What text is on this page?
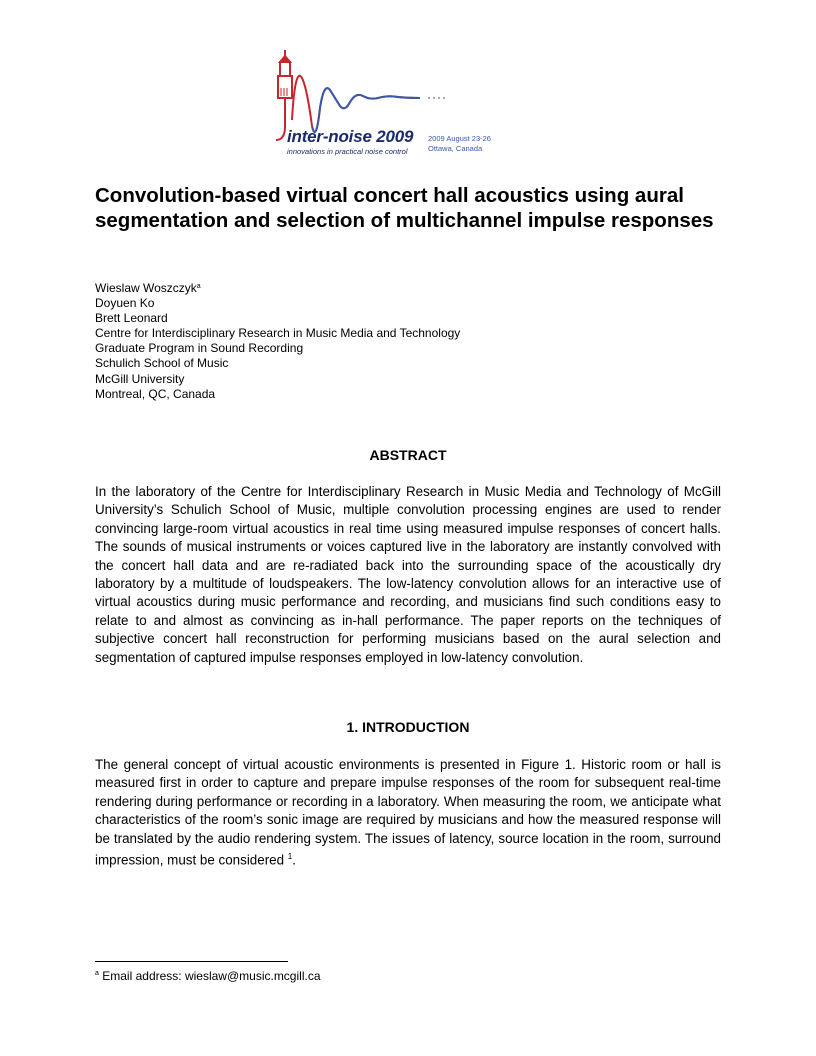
inter-noise 2009
innovations in practical noise control
2009 August 23-26
Ottawa, Canada
Convolution-based virtual concert hall acoustics using aural segmentation and selection of multichannel impulse responses
Wieslaw Woszczyk$^a$
Doyuen Ko
Brett Leonard
Centre for Interdisciplinary Research in Music Media and Technology
Graduate Program in Sound Recording
Schulich School of Music
McGill University
Montreal, QC, Canada
ABSTRACT

In the laboratory of the Centre for Interdisciplinary Research in Music Media and Technology of McGill University’s Schulich School of Music, multiple convolution processing engines are used to render convincing large-room virtual acoustics in real time using measured impulse responses of concert halls. The sounds of musical instruments or voices captured live in the laboratory are instantly convolved with the concert hall data and are re-radiated back into the surrounding space of the acoustically dry laboratory by a multitude of loudspeakers. The low-latency convolution allows for an interactive use of virtual acoustics during music performance and recording, and musicians find such conditions easy to relate to and almost as convincing as in-hall performance. The paper reports on the techniques of subjective concert hall reconstruction for performing musicians based on the aural selection and segmentation of captured impulse responses employed in low-latency convolution.

1. INTRODUCTION

The general concept of virtual acoustic environments is presented in Figure 1. Historic room or hall is measured first in order to capture and prepare impulse responses of the room for subsequent real-time rendering during performance or recording in a laboratory. When measuring the room, we anticipate what characteristics of the room’s sonic image are required by musicians and how the measured response will be translated by the audio rendering system. The issues of latency, source location in the room, surround impression, must be considered $^1$.

$^a$ Email address: wieslaw@music.mcgill.ca
